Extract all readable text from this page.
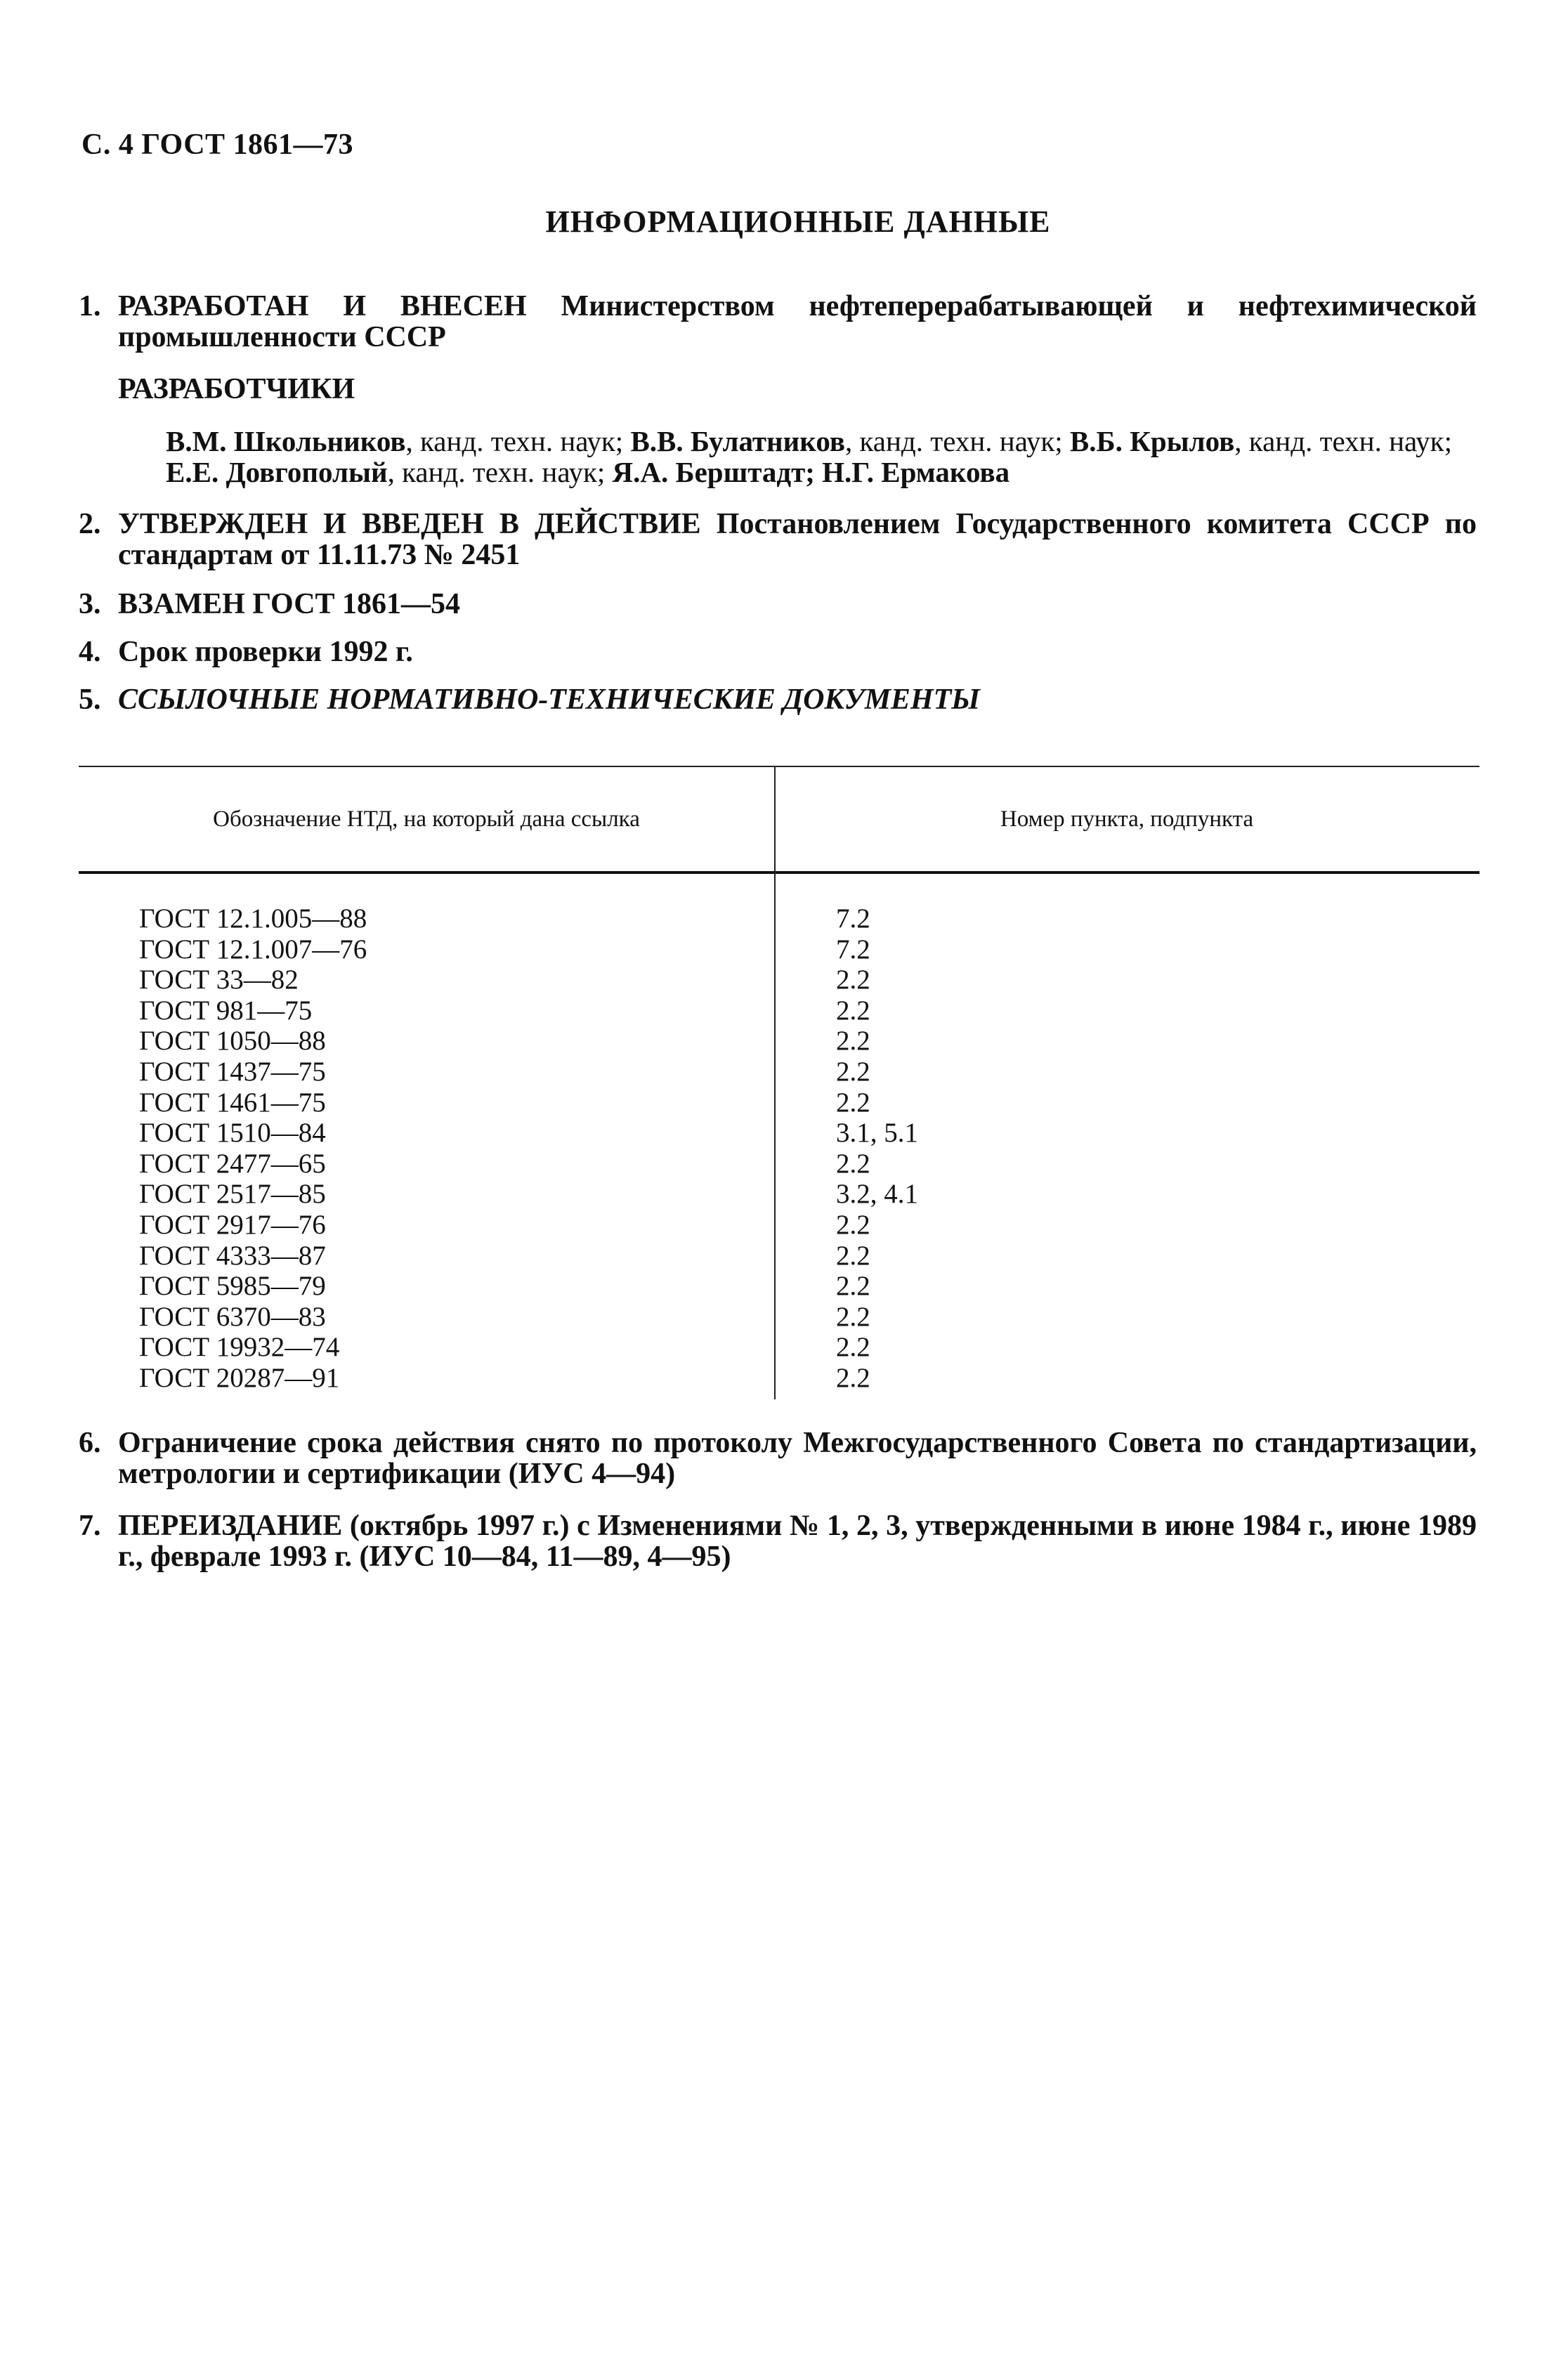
С. 4 ГОСТ 1861—73
ИНФОРМАЦИОННЫЕ ДАННЫЕ
1. РАЗРАБОТАН И ВНЕСЕН Министерством нефтеперерабатывающей и нефтехимической промышленности СССР
РАЗРАБОТЧИКИ
В.М. Школьников, канд. техн. наук; В.В. Булатников, канд. техн. наук; В.Б. Крылов, канд. техн. наук; Е.Е. Довгополый, канд. техн. наук; Я.А. Берштадт; Н.Г. Ермакова
2. УТВЕРЖДЕН И ВВЕДЕН В ДЕЙСТВИЕ Постановлением Государственного комитета СССР по стандартам от 11.11.73 № 2451
3. ВЗАМЕН ГОСТ 1861—54
4. Срок проверки 1992 г.
5. ССЫЛОЧНЫЕ НОРМАТИВНО-ТЕХНИЧЕСКИЕ ДОКУМЕНТЫ
Обозначение НТД, на который дана ссылка	Номер пункта, подпункта
ГОСТ 12.1.005—88	7.2
ГОСТ 12.1.007—76	7.2
ГОСТ 33—82	2.2
ГОСТ 981—75	2.2
ГОСТ 1050—88	2.2
ГОСТ 1437—75	2.2
ГОСТ 1461—75	2.2
ГОСТ 1510—84	3.1, 5.1
ГОСТ 2477—65	2.2
ГОСТ 2517—85	3.2, 4.1
ГОСТ 2917—76	2.2
ГОСТ 4333—87	2.2
ГОСТ 5985—79	2.2
ГОСТ 6370—83	2.2
ГОСТ 19932—74	2.2
ГОСТ 20287—91	2.2
6. Ограничение срока действия снято по протоколу Межгосударственного Совета по стандартизации, метрологии и сертификации (ИУС 4—94)
7. ПЕРЕИЗДАНИЕ (октябрь 1997 г.) с Изменениями № 1, 2, 3, утвержденными в июне 1984 г., июне 1989 г., феврале 1993 г. (ИУС 10—84, 11—89, 4—95)
